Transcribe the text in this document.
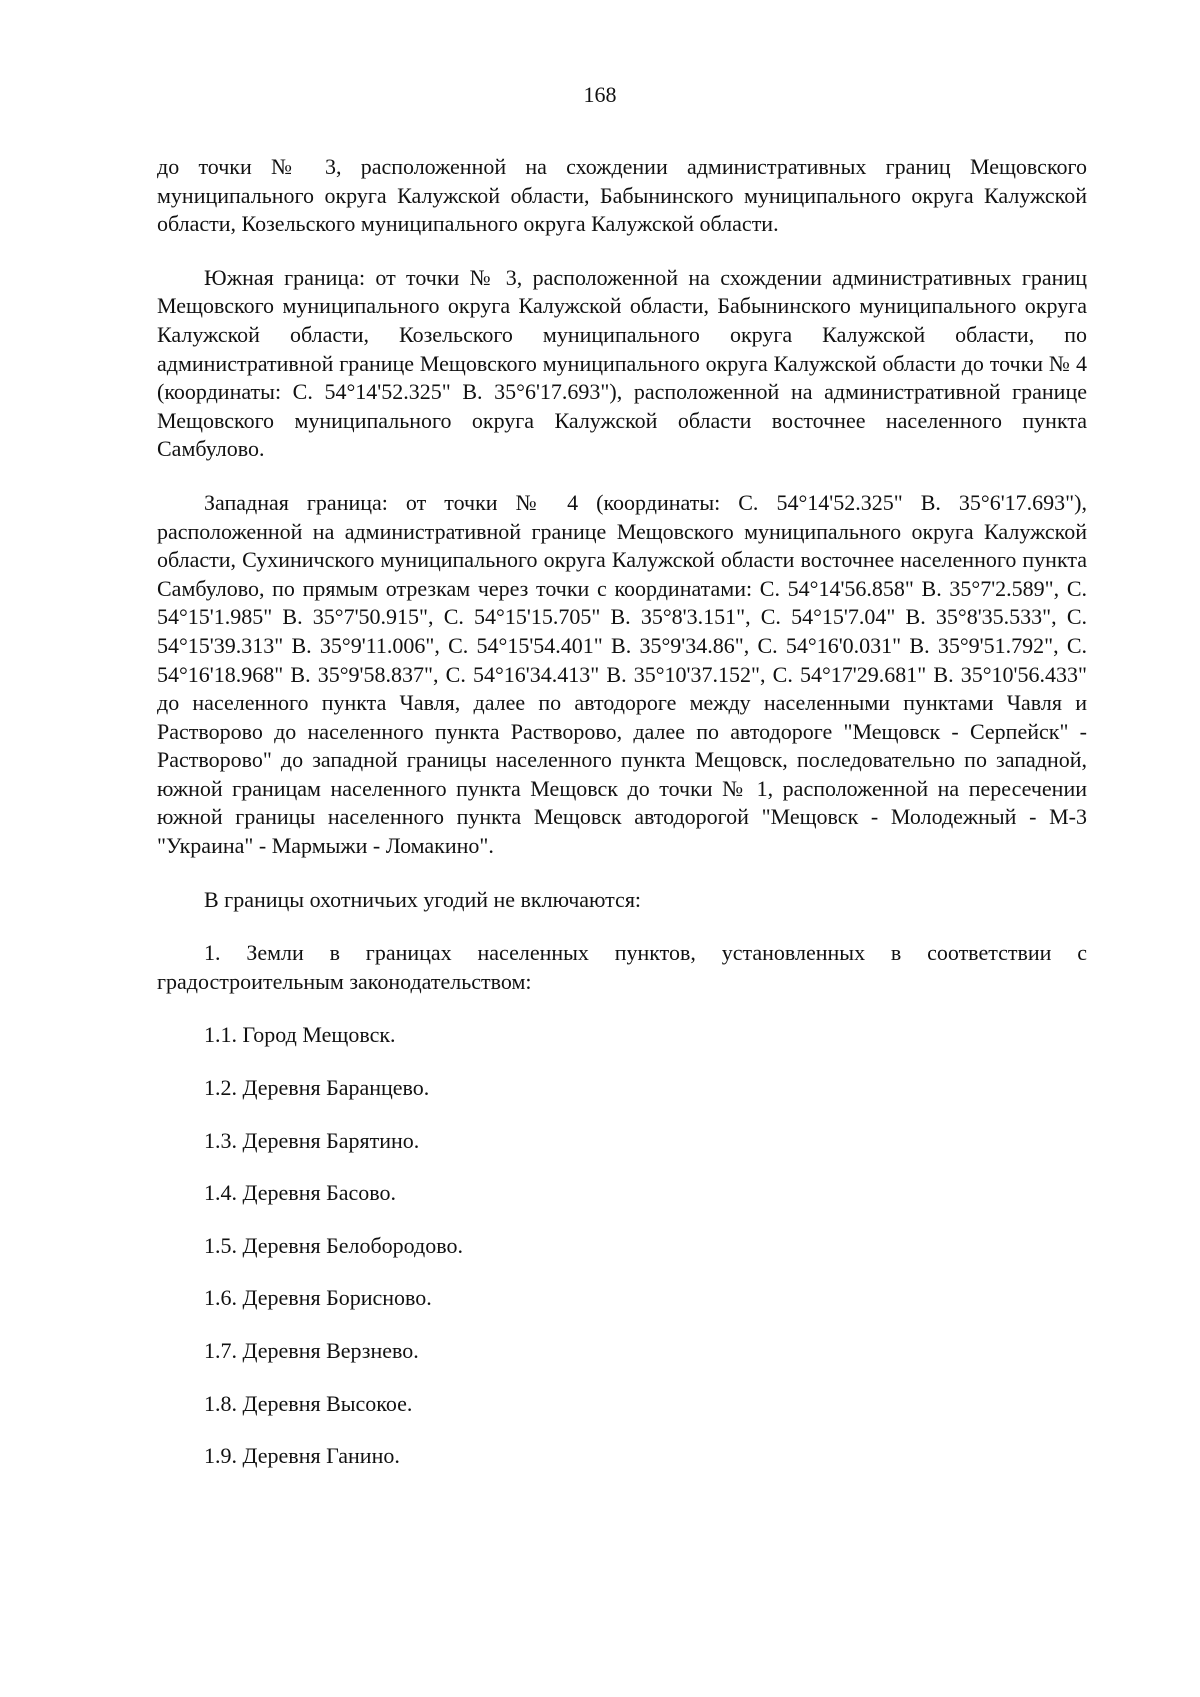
168

до точки № 3, расположенной на схождении административных границ Мещовского муниципального округа Калужской области, Бабынинского муниципального округа Калужской области, Козельского муниципального округа Калужской области.

Южная граница: от точки № 3, расположенной на схождении административных границ Мещовского муниципального округа Калужской области, Бабынинского муниципального округа Калужской области, Козельского муниципального округа Калужской области, по административной границе Мещовского муниципального округа Калужской области до точки № 4 (координаты: С. 54°14'52.325" В. 35°6'17.693"), расположенной на административной границе Мещовского муниципального округа Калужской области восточнее населенного пункта Самбулово.

Западная граница: от точки № 4 (координаты: С. 54°14'52.325" В. 35°6'17.693"), расположенной на административной границе Мещовского муниципального округа Калужской области, Сухиничского муниципального округа Калужской области восточнее населенного пункта Самбулово, по прямым отрезкам через точки с координатами: С. 54°14'56.858" В. 35°7'2.589", С. 54°15'1.985" В. 35°7'50.915", С. 54°15'15.705" В. 35°8'3.151", С. 54°15'7.04" В. 35°8'35.533", С. 54°15'39.313" В. 35°9'11.006", С. 54°15'54.401" В. 35°9'34.86", С. 54°16'0.031" В. 35°9'51.792", С. 54°16'18.968" В. 35°9'58.837", С. 54°16'34.413" В. 35°10'37.152", С. 54°17'29.681" В. 35°10'56.433" до населенного пункта Чавля, далее по автодороге между населенными пунктами Чавля и Растворово до населенного пункта Растворово, далее по автодороге "Мещовск - Серпейск" - Растворово" до западной границы населенного пункта Мещовск, последовательно по западной, южной границам населенного пункта Мещовск до точки № 1, расположенной на пересечении южной границы населенного пункта Мещовск автодорогой "Мещовск - Молодежный - М-3 "Украина" - Мармыжи - Ломакино".

В границы охотничьих угодий не включаются:

1. Земли в границах населенных пунктов, установленных в соответствии с градостроительным законодательством:

1.1. Город Мещовск.
1.2. Деревня Баранцево.
1.3. Деревня Барятино.
1.4. Деревня Басово.
1.5. Деревня Белобородово.
1.6. Деревня Борисново.
1.7. Деревня Верзнево.
1.8. Деревня Высокое.
1.9. Деревня Ганино.
